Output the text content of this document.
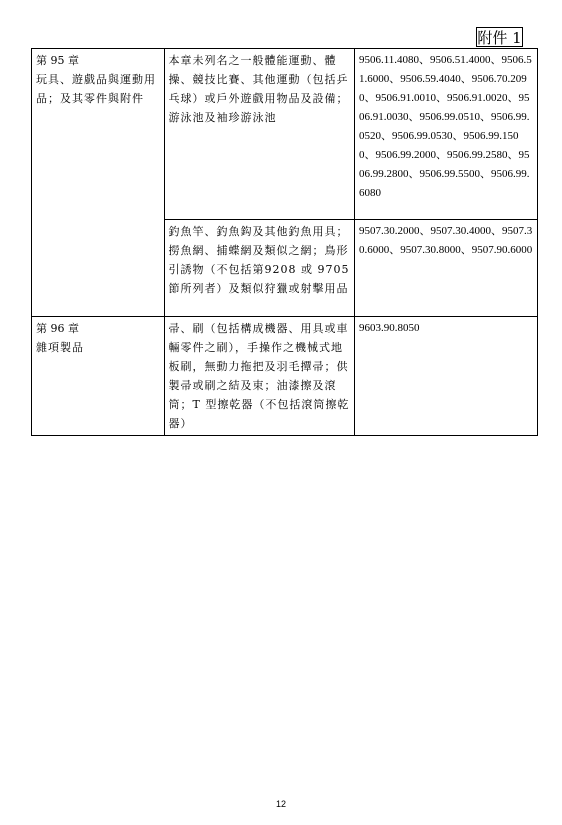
附件 1
第 95 章
玩具、遊戲品與運動用品；及其零件與附件	本章未列名之一般體能運動、體操、競技比賽、其他運動（包括乒乓球）或戶外遊戲用物品及設備；游泳池及袖珍游泳池	9506.11.4080、9506.51.4000、9506.51.6000、9506.59.4040、9506.70.2090、9506.91.0010、9506.91.0020、9506.91.0030、9506.99.0510、9506.99.0520、9506.99.0530、9506.99.1500、9506.99.2000、9506.99.2580、9506.99.2800、9506.99.5500、9506.99.6080
	釣魚竿、釣魚鈎及其他釣魚用具；撈魚網、捕蝶網及類似之網；鳥形引誘物（不包括第9208 或 9705 節所列者）及類似狩獵或射擊用品	9507.30.2000、9507.30.4000、9507.30.6000、9507.30.8000、9507.90.6000

第 96 章
雜項製品	帚、刷（包括構成機器、用具或車輛零件之刷），手操作之機械式地板刷，無動力拖把及羽毛撢帚；供製帚或刷之結及束；油漆擦及滾筒；T 型擦乾器（不包括滾筒擦乾器）	9603.90.8050
12
